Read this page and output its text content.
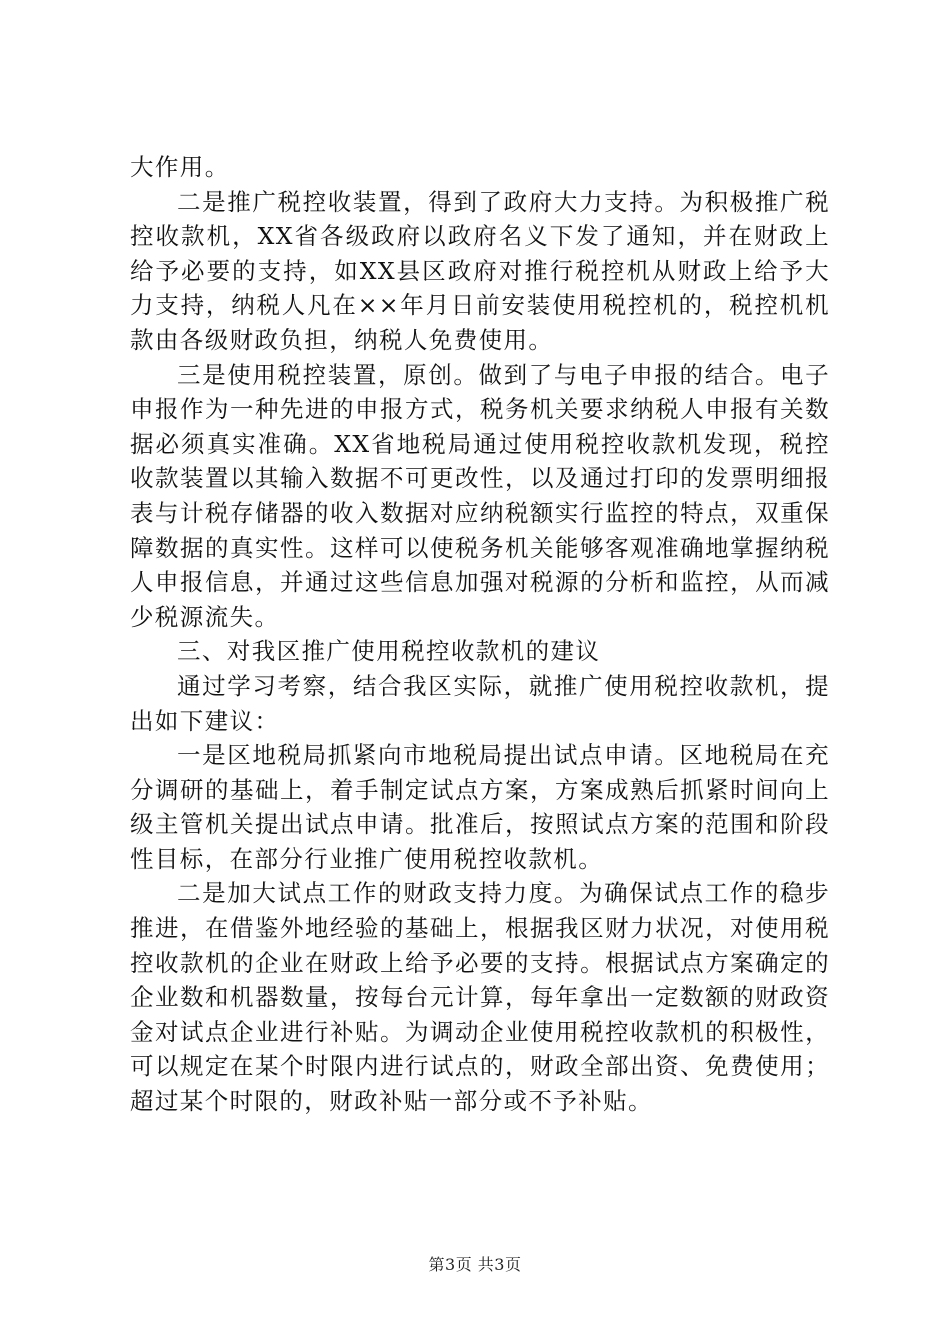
大作用。

二是推广税控收装置，得到了政府大力支持。为积极推广税控收款机，XX省各级政府以政府名义下发了通知，并在财政上给予必要的支持，如XX县区政府对推行税控机从财政上给予大力支持，纳税人凡在××年月日前安装使用税控机的，税控机机款由各级财政负担，纳税人免费使用。

三是使用税控装置，原创。做到了与电子申报的结合。电子申报作为一种先进的申报方式，税务机关要求纳税人申报有关数据必须真实准确。XX省地税局通过使用税控收款机发现，税控收款装置以其输入数据不可更改性，以及通过打印的发票明细报表与计税存储器的收入数据对应纳税额实行监控的特点，双重保障数据的真实性。这样可以使税务机关能够客观准确地掌握纳税人申报信息，并通过这些信息加强对税源的分析和监控，从而减少税源流失。

三、对我区推广使用税控收款机的建议

通过学习考察，结合我区实际，就推广使用税控收款机，提出如下建议：

一是区地税局抓紧向市地税局提出试点申请。区地税局在充分调研的基础上，着手制定试点方案，方案成熟后抓紧时间向上级主管机关提出试点申请。批准后，按照试点方案的范围和阶段性目标，在部分行业推广使用税控收款机。

二是加大试点工作的财政支持力度。为确保试点工作的稳步推进，在借鉴外地经验的基础上，根据我区财力状况，对使用税控收款机的企业在财政上给予必要的支持。根据试点方案确定的企业数和机器数量，按每台元计算，每年拿出一定数额的财政资金对试点企业进行补贴。为调动企业使用税控收款机的积极性，可以规定在某个时限内进行试点的，财政全部出资、免费使用；超过某个时限的，财政补贴一部分或不予补贴。

第3页 共3页
